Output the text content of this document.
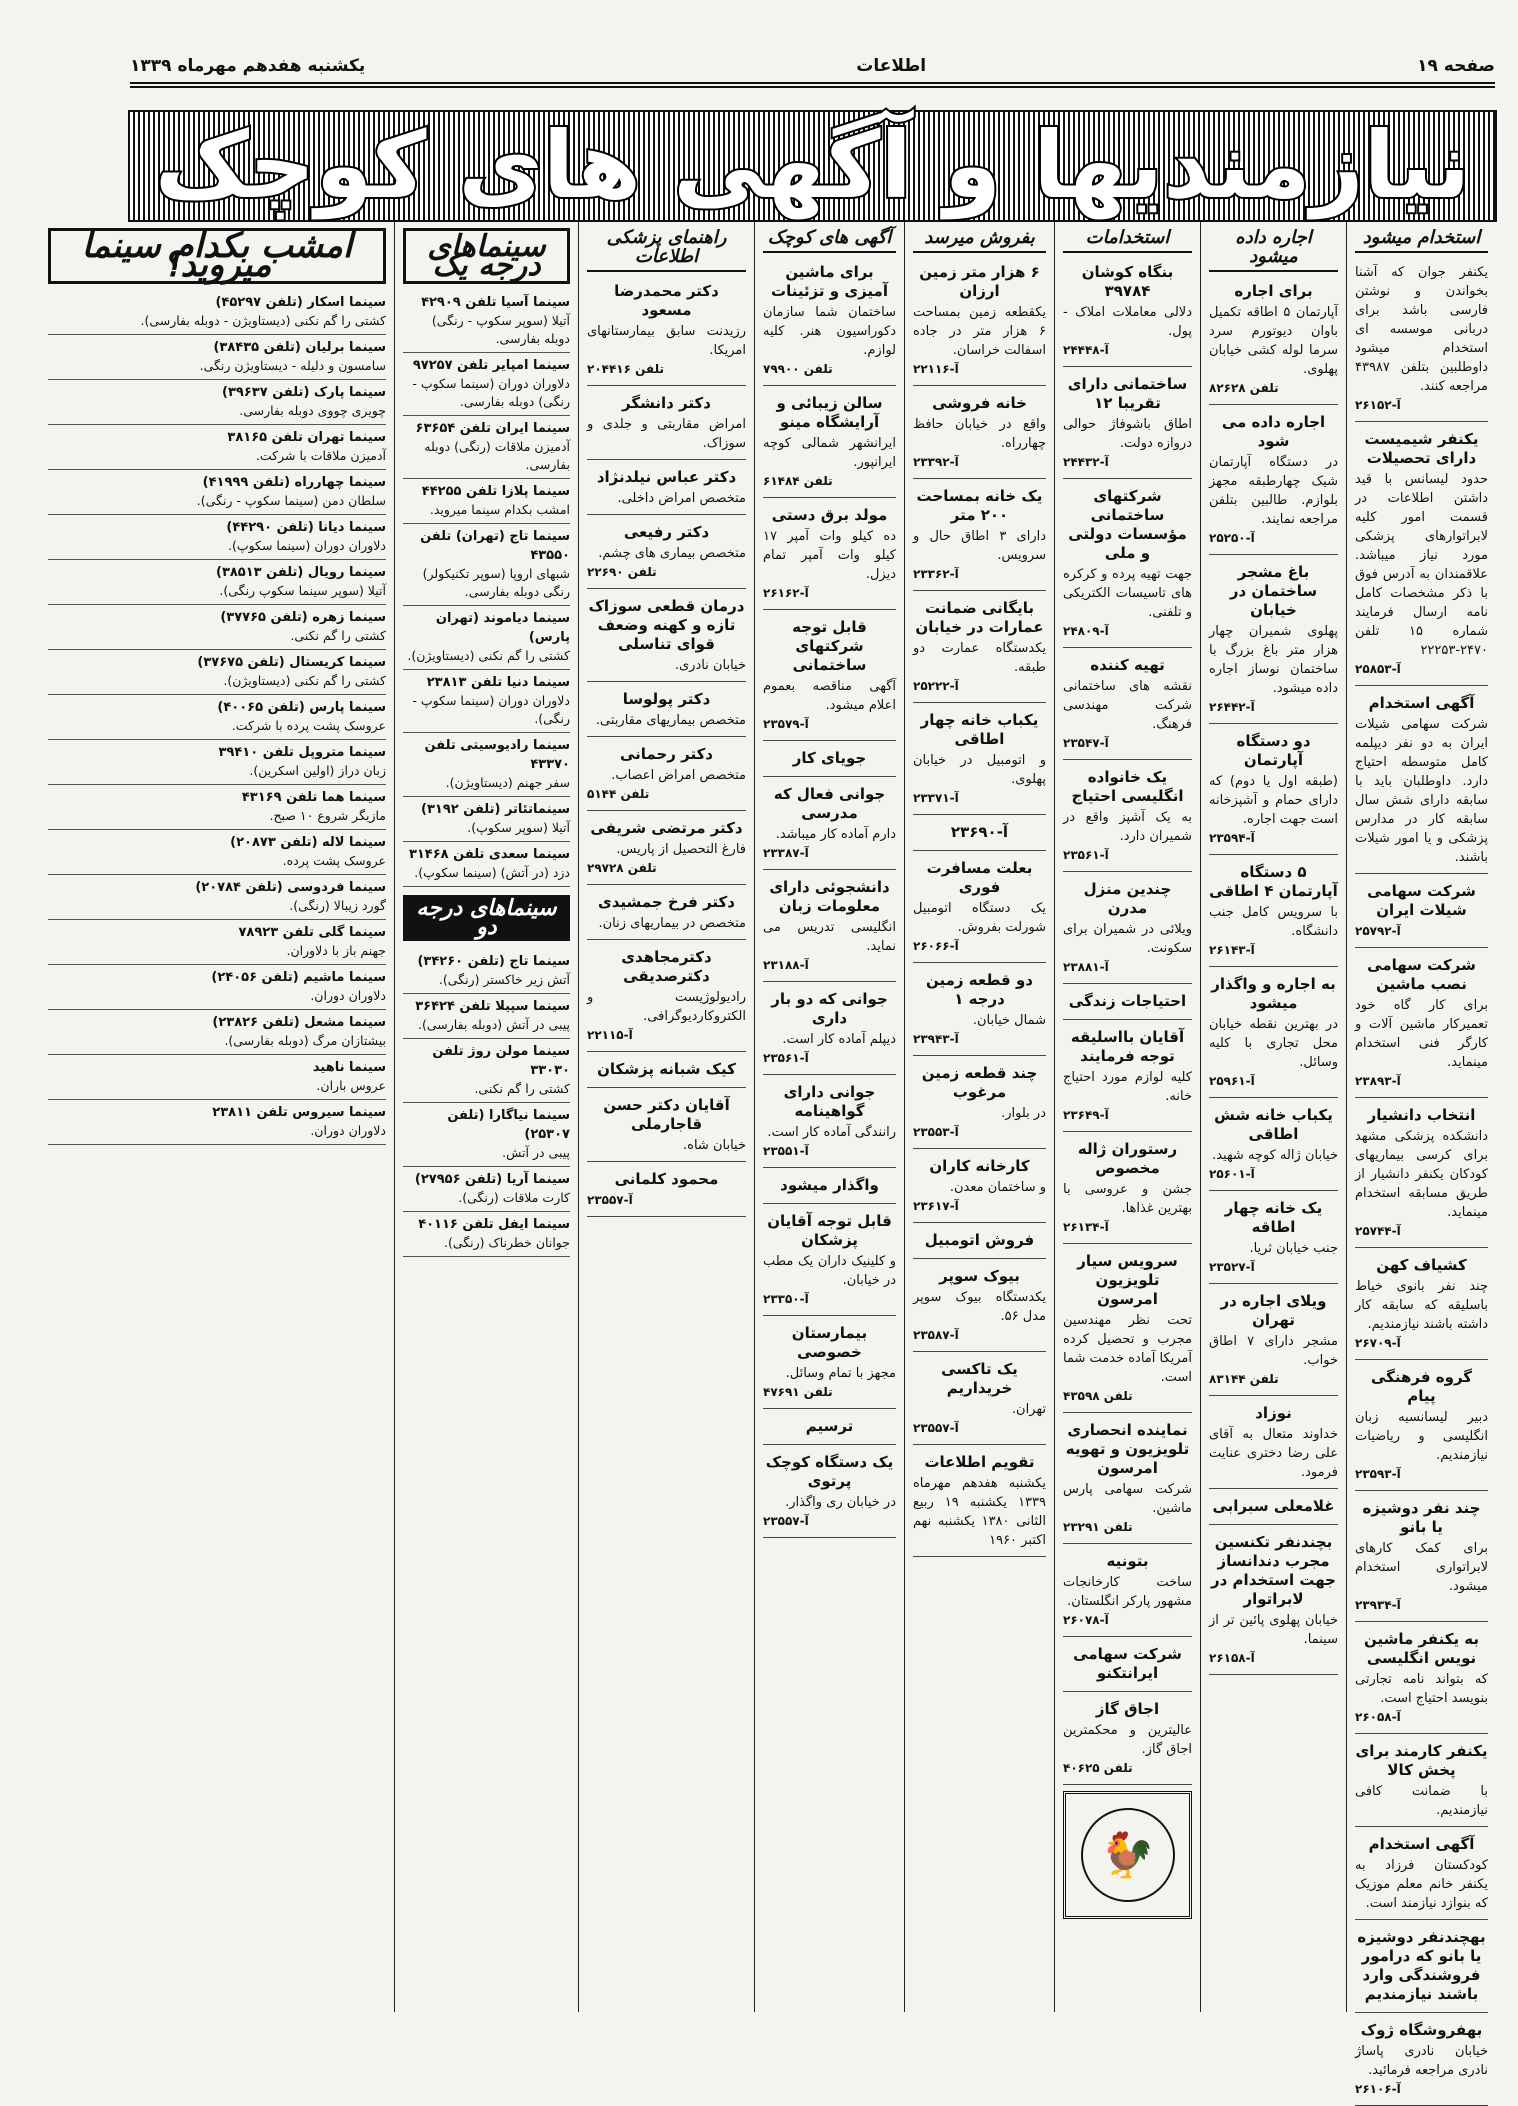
صفحه ۱۹
اطلاعات
یکشنبه هفدهم مهرماه ۱۳۳۹
نیازمندیها و آگهی های کوچک
استخدام میشود
یکنفر جوان که آشنا بخواندن و نوشتن فارسی باشد برای دربانی موسسه ای استخدام میشود داوطلبین بتلفن ۴۳۹۸۷ مراجعه کنند.
آ-۲۶۱۵۲
یکنفر شیمیست دارای تحصیلات
حدود لیسانس با قید داشتن اطلاعات در قسمت امور کلیه لابراتوارهای پزشکی مورد نیاز میباشد. علاقمندان به آدرس فوق با ذکر مشخصات کامل نامه ارسال فرمایند شماره ۱۵ تلفن ۲۴۷۰-۲۲۲۵۳
آ-۲۵۸۵۳
آگهی استخدام
شرکت سهامی شیلات ایران به دو نفر دیپلمه کامل متوسطه احتیاج دارد. داوطلبان باید با سابقه دارای شش سال سابقه کار در مدارس پزشکی و یا امور شیلات باشند.
شرکت سهامی شیلات ایران
آ-۲۵۷۹۲
شرکت سهامی نصب ماشین
برای کار گاه خود تعمیرکار ماشین آلات و کارگر فنی استخدام مینماید.
آ-۲۳۸۹۳
انتخاب دانشیار
دانشکده پزشکی مشهد برای کرسی بیماریهای کودکان یکنفر دانشیار از طریق مسابقه استخدام مینماید.
آ-۲۵۷۴۴
کشیاف کهن
چند نفر بانوی خیاط باسلیقه که سابقه کار داشته باشند نیازمندیم.
آ-۲۶۷۰۹
گروه فرهنگی پیام
دبیر لیسانسیه زبان انگلیسی و ریاضیات نیازمندیم.
آ-۲۳۵۹۳
چند نفر دوشیزه یا بانو
برای کمک کارهای لابراتواری استخدام میشود.
آ-۲۳۹۳۴
به یکنفر ماشین نویس انگلیسی
که بتواند نامه تجارتی بنویسد احتیاج است.
آ-۲۶۰۵۸
یکنفر کارمند برای پخش کالا
با ضمانت کافی نیازمندیم.
آگهی استخدام
کودکستان فرزاد به یکنفر خانم معلم موزیک که بنوازد نیازمند است.
بهچندنفر دوشیزه یا بانو که درامور فروشندگی وارد باشند نیازمندیم
بهفروشگاه ژوک
خیابان نادری پاساژ نادری مراجعه فرمائید.
آ-۲۶۱۰۶
اجاره داده میشود
برای اجاره
آپارتمان ۵ اطاقه تکمیل باوان دیوتورم سرد سرما لوله کشی خیابان پهلوی.
تلفن ۸۲۶۲۸
اجاره داده می شود
در دستگاه آپارتمان شیک چهارطبقه مجهز بلوازم. طالبین بتلفن مراجعه نمایند.
آ-۲۵۲۵۰
باغ مشجر ساختمان در خیابان
پهلوی شمیران چهار هزار متر باغ بزرگ با ساختمان نوساز اجاره داده میشود.
آ-۲۶۴۴۲
دو دستگاه آپارتمان
(طبقه اول یا دوم) که دارای حمام و آشپزخانه است جهت اجاره.
آ-۲۳۵۹۴
۵ دستگاه آپارتمان ۴ اطاقی
با سرویس کامل جنب دانشگاه.
آ-۲۶۱۴۳
به اجاره و واگذار میشود
در بهترین نقطه خیابان محل تجاری با کلیه وسائل.
آ-۲۵۹۶۱
یکباب خانه شش اطاقی
خیابان ژاله کوچه شهید.
آ-۲۵۶۰۱
یک خانه چهار اطاقه
جنب خیابان ثریا.
آ-۲۳۵۲۷
ویلای اجاره در تهران
مشجر دارای ۷ اطاق خواب.
تلفن ۸۳۱۴۴
نوزاد
خداوند متعال به آقای علی رضا دختری عنایت فرمود.
غلامعلی سبرابی
بچندنفر تکنسین مجرب دندانساز جهت استخدام در لابراتوار
خیابان پهلوی پائین تر از سینما.
آ-۲۶۱۵۸
استخدامات
بنگاه کوشان ۳۹۷۸۴
دلالی معاملات املاک - پول.
آ-۲۴۴۴۸
ساختمانی دارای تقریبا ۱۲
اطاق باشوفاژ حوالی دروازه دولت.
آ-۲۴۴۳۲
شرکتهای ساختمانی مؤسسات دولتی و ملی
جهت تهیه پرده و کرکره های تاسیسات الکتریکی و تلفنی.
آ-۲۴۸۰۹
تهیه کننده
نقشه های ساختمانی شرکت مهندسی فرهنگ.
آ-۲۳۵۴۷
یک خانواده انگلیسی احتیاج
به یک آشپز واقع در شمیران دارد.
آ-۲۳۵۶۱
چندین منزل مدرن
ویلائی در شمیران برای سکونت.
آ-۲۳۸۸۱
احتیاجات زندگی
آقایان بااسلیقه توجه فرمایند
کلیه لوازم مورد احتیاج خانه.
آ-۲۳۶۴۹
رستوران ژاله مخصوص
جشن و عروسی با بهترین غذاها.
آ-۲۶۱۳۴
سرویس سیار تلویزیون امرسون
تحت نظر مهندسین مجرب و تحصیل کرده آمریکا آماده خدمت شما است.
تلفن ۴۳۵۹۸
نماینده انحصاری تلویزیون و تهویه امرسون
شرکت سهامی پارس ماشین.
تلفن ۲۳۲۹۱
بتونیه
ساخت کارخانجات مشهور پارکر انگلستان.
آ-۲۶۰۷۸
شرکت سهامی ایرانتکنو
اجاق گاز
عالیترین و محکمترین اجاق گاز.
تلفن ۴۰۶۲۵
🐓
بفروش میرسد
۶ هزار متر زمین ارزان
یکقطعه زمین بمساحت ۶ هزار متر در جاده اسفالت خراسان.
آ-۲۲۱۱۶
خانه فروشی
واقع در خیابان حافظ چهارراه.
آ-۲۳۳۹۲
یک خانه بمساحت ۲۰۰ متر
دارای ۳ اطاق حال و سرویس.
آ-۲۳۳۶۲
بایگانی ضمانت عمارات در خیابان
یکدستگاه عمارت دو طبقه.
آ-۲۵۲۲۲
یکباب خانه چهار اطاقی
و اتومبیل در خیابان پهلوی.
آ-۲۳۳۷۱
آ-۲۳۶۹۰
بعلت مسافرت فوری
یک دستگاه اتومبیل شورلت بفروش.
آ-۲۶۰۶۶
دو قطعه زمین درجه ۱
شمال خیابان.
آ-۲۳۹۴۳
چند قطعه زمین مرغوب
در بلوار.
آ-۲۳۵۵۳
کارخانه کاران
و ساختمان معدن.
آ-۲۳۶۱۷
فروش اتومبیل
بیوک سوپر
یکدستگاه بیوک سوپر مدل ۵۶.
آ-۲۳۵۸۷
یک تاکسی خریداریم
تهران.
آ-۲۳۵۵۷
تقویم اطلاعات
یکشنبه هفدهم مهرماه ۱۳۳۹ یکشنبه ۱۹ ربیع الثانی ۱۳۸۰ یکشنبه نهم اکتبر ۱۹۶۰
آگهی های کوچک
برای ماشین آمیزی و تزئینات
ساختمان شما سازمان دکوراسیون هنر. کلیه لوازم.
تلفن ۷۹۹۰۰
سالن زیبائی و آرایشگاه مینو
ایرانشهر شمالی کوچه ایرانپور.
تلفن ۶۱۴۸۴
مولد برق دستی
ده کیلو وات آمپر ۱۷ کیلو وات آمپر تمام دیزل.
آ-۲۶۱۶۲
قابل توجه شرکتهای ساختمانی
آگهی مناقصه بعموم اعلام میشود.
آ-۲۳۵۷۹
جویای کار
جوانی فعال که مدرسی
دارم آماده کار میباشد.
آ-۲۳۳۸۷
دانشجوئی دارای معلومات زبان
انگلیسی تدریس می نماید.
آ-۲۳۱۸۸
جوانی که دو بار داری
دیپلم آماده کار است.
آ-۲۳۵۶۱
جوانی دارای گواهینامه
رانندگی آماده کار است.
آ-۲۳۵۵۱
واگذار میشود
قابل توجه آقایان پزشکان
و کلینیک داران یک مطب در خیابان.
آ-۲۳۳۵۰
بیمارستان خصوصی
مجهز با تمام وسائل.
تلفن ۴۷۶۹۱
ترسیم
یک دستگاه کوچک پرتوی
در خیابان ری واگذار.
آ-۲۳۵۵۷
راهنمای پزشکی اطلاعات
دکتر محمدرضا مسعود
رزیدنت سابق بیمارستانهای امریکا.
تلفن ۲۰۴۴۱۶
دکتر دانشگر
امراض مقاربتی و جلدی و سوزاک.
دکتر عباس نیلدنژاد
متخصص امراض داخلی.
دکتر رفیعی
متخصص بیماری های چشم.
تلفن ۲۲۶۹۰
درمان قطعی سوزاک تازه و کهنه وضعف قوای تناسلی
خیابان نادری.
دکتر پولوسا
متخصص بیماریهای مقاربتی.
دکتر رحمانی
متخصص امراض اعصاب.
تلفن ۵۱۴۴
دکتر مرتضی شریفی
فارغ التحصیل از پاریس.
تلفن ۲۹۷۲۸
دکتر فرخ جمشیدی
متخصص در بیماریهای زنان.
دکترمجاهدی دکترصدیقی
رادیولوژیست و الکتروکاردیوگرافی.
آ-۲۲۱۱۵
کیک شبانه پزشکان
آقایان دکتر حسن قاجارملی
خیابان شاه.
محمود کلمانی
آ-۲۳۵۵۷
سینماهای درجه یک
سینما آسیا تلفن ۴۲۹۰۹
آتیلا (سوپر سکوپ - رنگی) دوبله بفارسی.
سینما امپایر تلفن ۹۷۲۵۷
دلاوران دوران (سینما سکوپ - رنگی) دوبله بفارسی.
سینما ایران تلفن ۶۳۶۵۴
آدمیزن ملاقات (رنگی) دوبله بفارسی.
سینما پلازا تلفن ۴۴۲۵۵
امشب بکدام سینما میروید.
سینما تاج (تهران) تلفن ۴۳۵۵۰
شبهای اروپا (سوپر تکنیکولر) رنگی دوبله بفارسی.
سینما دیاموند (تهران پارس)
کشتی را گم نکنی (دیستاویژن).
سینما دنیا تلفن ۲۳۸۱۳
دلاوران دوران (سینما سکوپ - رنگی).
سینما رادیوسیتی تلفن ۴۳۳۷۰
سفر جهنم (دیستاویژن).
سینماتئاتر (تلفن ۳۱۹۲)
آتیلا (سوپر سکوپ).
سینما سعدی تلفن ۳۱۴۶۸
دزد (در آتش) (سینما سکوپ).
سینماهای درجه دو
سینما تاج (تلفن ۳۴۲۶۰)
آتش زیر خاکستر (رنگی).
سینما سپیلا تلفن ۳۶۴۲۴
پیبی در آتش (دوبله بفارسی).
سینما مولن روژ تلفن ۳۳۰۳۰
کشتی را گم نکنی.
سینما نیاگارا (تلفن ۲۵۳۰۷)
پیبی در آتش.
سینما آریا (تلفن ۲۷۹۵۶)
کارت ملاقات (رنگی).
سینما ایفل تلفن ۴۰۱۱۶
جوانان خطرناک (رنگی).
امشب بکدام سینما میروید؟
سینما اسکار (تلفن ۴۵۲۹۷)
کشتی را گم نکنی (دیستاویژن - دوبله بفارسی).
سینما برلیان (تلفن ۳۸۴۳۵)
سامسون و دلیله - دیستاویژن رنگی.
سینما پارک (تلفن ۳۹۶۳۷)
چویری چووی دوبله بفارسی.
سینما تهران تلفن ۳۸۱۶۵
آدمیزن ملاقات با شرکت.
سینما چهارراه (تلفن ۴۱۹۹۹)
سلطان دمن (سینما سکوپ - رنگی).
سینما دیانا (تلفن ۴۴۲۹۰)
دلاوران دوران (سینما سکوپ).
سینما رویال (تلفن ۳۸۵۱۳)
آتیلا (سوپر سینما سکوپ رنگی).
سینما زهره (تلفن ۳۷۷۶۵)
کشتی را گم نکنی.
سینما کریستال (تلفن ۳۷۶۷۵)
کشتی را گم نکنی (دیستاویژن).
سینما پارس (تلفن ۴۰۰۶۵)
عروسک پشت پرده با شرکت.
سینما متروپل تلفن ۳۹۴۱۰
زبان دراز (اولین اسکرین).
سینما هما تلفن ۴۳۱۶۹
مازیگر شروع ۱۰ صبح.
سینما لاله (تلفن ۲۰۸۷۳)
عروسک پشت پرده.
سینما فردوسی (تلفن ۲۰۷۸۴)
گورد زیبالا (رنگی).
سینما گلی تلفن ۷۸۹۲۳
جهنم باز با دلاوران.
سینما ماشیم (تلفن ۲۴۰۵۶)
دلاوران دوران.
سینما مشعل (تلفن ۲۳۸۲۶)
بیشتازان مرگ (دوبله بفارسی).
سینما ناهید
عروس باران.
سینما سیروس تلفن ۲۳۸۱۱
دلاوران دوران.
